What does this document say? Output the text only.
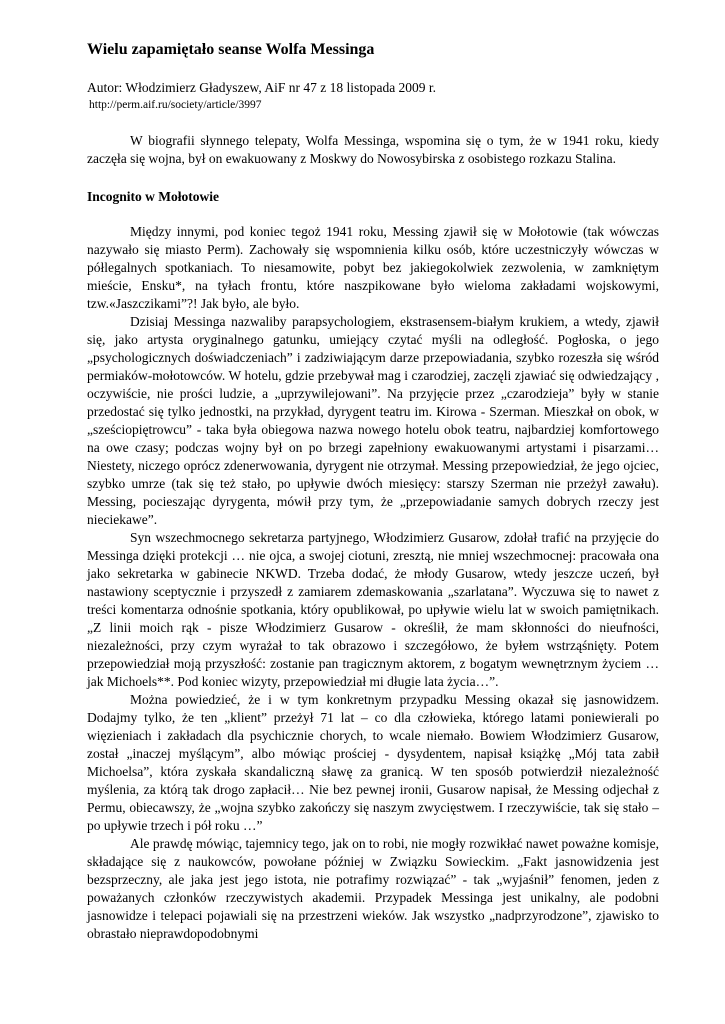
Wielu zapamiętało seanse Wolfa Messinga
Autor: Włodzimierz Gładyszew, AiF nr 47 z 18 listopada 2009 r.
http://perm.aif.ru/society/article/3997

W biografii słynnego telepaty, Wolfa Messinga, wspomina się o tym, że w 1941 roku, kiedy zaczęła się wojna, był on ewakuowany z Moskwy do Nowosybirska z osobistego rozkazu Stalina.

Incognito w Mołotowie

Między innymi, pod koniec tegoż 1941 roku, Messing zjawił się w Mołotowie (tak wówczas nazywało się miasto Perm). Zachowały się wspomnienia kilku osób, które uczestniczyły wówczas w półlegalnych spotkaniach. To niesamowite, pobyt bez jakiegokolwiek zezwolenia, w zamkniętym mieście, Ensku*, na tyłach frontu, które naszpikowane było wieloma zakładami wojskowymi, tzw.«Jaszczikami”?! Jak było, ale było.

Dzisiaj Messinga nazwaliby parapsychologiem, ekstrasensem-białym krukiem, a wtedy, zjawił się, jako artysta oryginalnego gatunku, umiejący czytać myśli na odległość. Pogłoska, o jego „psychologicznych doświadczeniach” i zadziwiającym darze przepowiadania, szybko rozeszła się wśród permiaków-mołotowców. W hotelu, gdzie przebywał mag i czarodziej, zaczęli zjawiać się odwiedzający , oczywiście, nie prości ludzie, a „uprzywilejowani”. Na przyjęcie przez „czarodzieja” były w stanie przedostać się tylko jednostki, na przykład, dyrygent teatru im. Kirowa - Szerman. Mieszkał on obok, w „sześciopiętrowcu” - taka była obiegowa nazwa nowego hotelu obok teatru, najbardziej komfortowego na owe czasy; podczas wojny był on po brzegi zapełniony ewakuowanymi artystami i pisarzami… Niestety, niczego oprócz zdenerwowania, dyrygent nie otrzymał. Messing przepowiedział, że jego ojciec, szybko umrze (tak się też stało, po upływie dwóch miesięcy: starszy Szerman nie przeżył zawału). Messing, pocieszając dyrygenta, mówił przy tym, że „przepowiadanie samych dobrych rzeczy jest nieciekawe”.

Syn wszechmocnego sekretarza partyjnego, Włodzimierz Gusarow, zdołał trafić na przyjęcie do Messinga dzięki protekcji … nie ojca, a swojej ciotuni, zresztą, nie mniej wszechmocnej: pracowała ona jako sekretarka w gabinecie NKWD. Trzeba dodać, że młody Gusarow, wtedy jeszcze uczeń, był nastawiony sceptycznie i przyszedł z zamiarem zdemaskowania „szarlatana”. Wyczuwa się to nawet z treści komentarza odnośnie spotkania, który opublikował, po upływie wielu lat w swoich pamiętnikach. „Z linii moich rąk - pisze Włodzimierz Gusarow - określił, że mam skłonności do nieufności, niezależności, przy czym wyrażał to tak obrazowo i szczegółowo, że byłem wstrząśnięty. Potem przepowiedział moją przyszłość: zostanie pan tragicznym aktorem, z bogatym wewnętrznym życiem … jak Michoels**. Pod koniec wizyty, przepowiedział mi długie lata życia…”.

Można powiedzieć, że i w tym konkretnym przypadku Messing okazał się jasnowidzem. Dodajmy tylko, że ten „klient” przeżył 71 lat – co dla człowieka, którego latami poniewierali po więzieniach i zakładach dla psychicznie chorych, to wcale niemało. Bowiem Włodzimierz Gusarow, został „inaczej myślącym”, albo mówiąc prościej - dysydentem, napisał książkę „Mój tata zabił Michoelsa”, która zyskała skandaliczną sławę za granicą. W ten sposób potwierdził niezależność myślenia, za którą tak drogo zapłacił… Nie bez pewnej ironii, Gusarow napisał, że Messing odjechał z Permu, obiecawszy, że „wojna szybko zakończy się naszym zwycięstwem. I rzeczywiście, tak się stało – po upływie trzech i pół roku …”

Ale prawdę mówiąc, tajemnicy tego, jak on to robi, nie mogły rozwikłać nawet poważne komisje, składające się z naukowców, powołane później w Związku Sowieckim. „Fakt jasnowidzenia jest bezsprzeczny, ale jaka jest jego istota, nie potrafimy rozwiązać” - tak „wyjaśnił” fenomen, jeden z poważanych członków rzeczywistych akademii. Przypadek Messinga jest unikalny, ale podobni jasnowidze i telepaci pojawiali się na przestrzeni wieków. Jak wszystko „nadprzyrodzone”, zjawisko to obrastało nieprawdopodobnymi
